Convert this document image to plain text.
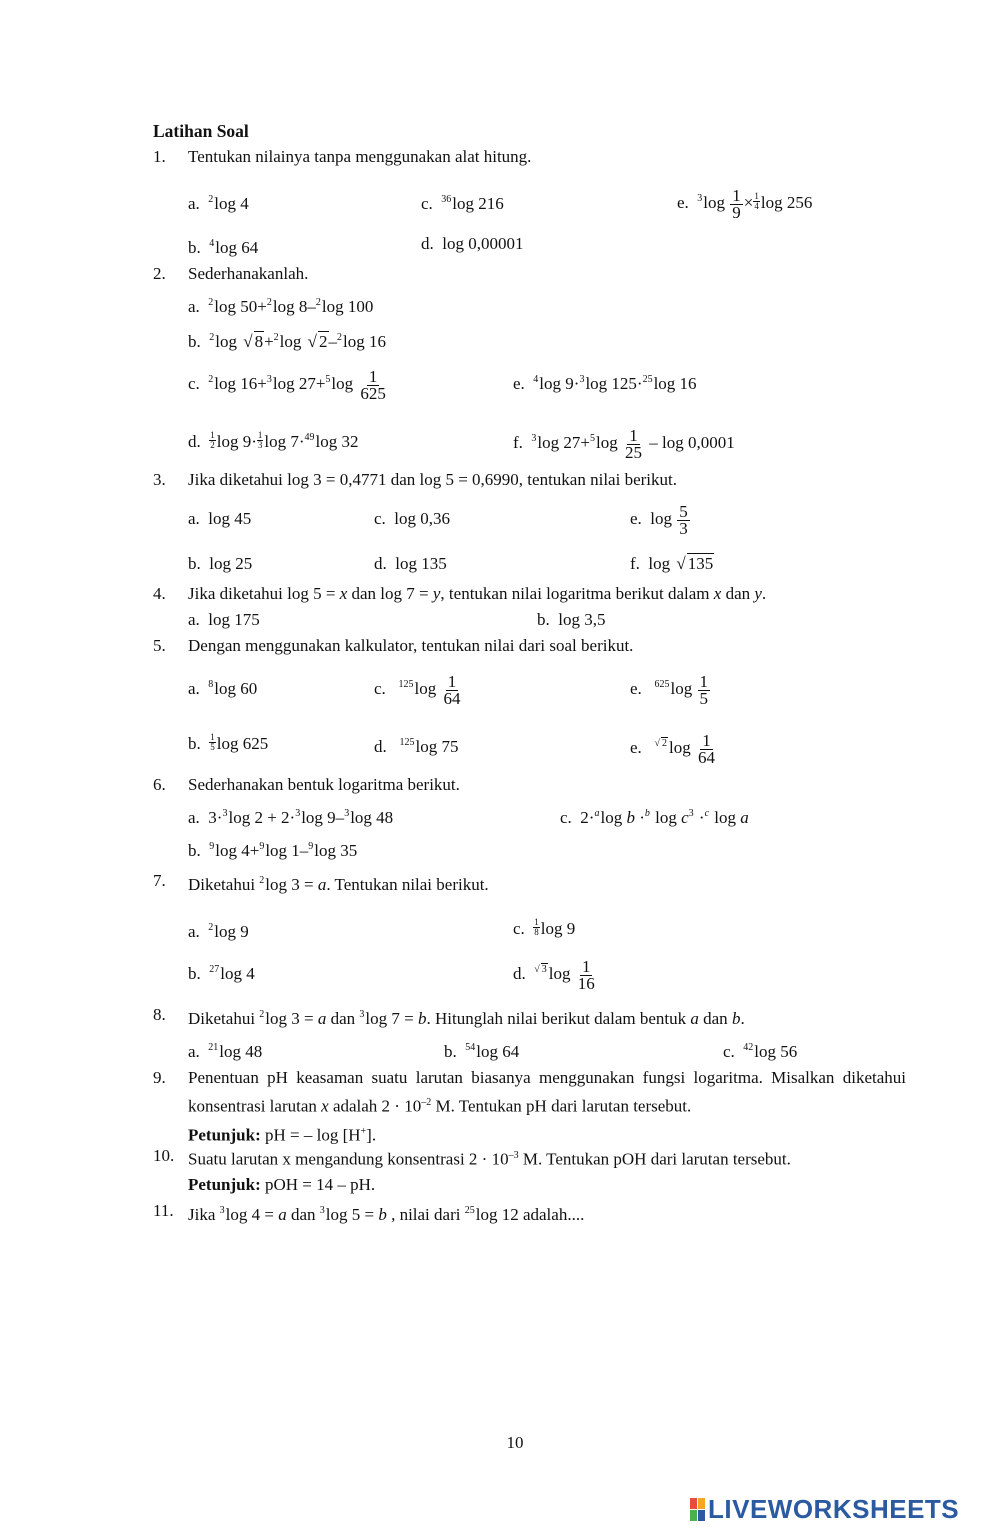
Latihan Soal
1. Tentukan nilainya tanpa menggunakan alat hitung.
a. $^2$log 4	c. $^{36}$log 216	e. $^3\log \frac{1}{9} \times \frac{1}{4}$ log 256
b. $^4$log 64	d. log 0,00001
2. Sederhanakanlah.
a. $^2$log 50+$^2$log 8–$^2$log 100
b. $^2$log √ 8+$^2$log √ 2–$^2$log 16
c. $^2$log 16+$^3$log $27+^5\log \frac{1}{625}$	e. $^4$log 9·$^3$log 125·$^{25}$log 16
d. $\frac{1}{2}$ $\log 9\cdot \frac{1}{3}$ log 7·$^{49}$log 32	f. $^3$log $27+^5\log \frac{1}{25} - \log 0,0001$
3. Jika diketahui log 3 = 0,4771 dan log 5 = 0,6990, tentukan nilai berikut.
a. log 45	c. log 0,36	e. $\log \frac{5}{3}$
b. log 25	d. log 135	f. log √ 135
4. Jika diketahui log 5 = x dan log 7 = y, tentukan nilai logaritma berikut dalam x dan y.
a. log 175	b. log 3,5
5. Dengan menggunakan kalkulator, tentukan nilai dari soal berikut.
a. $^8$log 60	c. $^{125}\log \frac{1}{64}$	e. $^{625}\log \frac{1}{5}$
b. $\frac{1}{5}$ log 625	d. $^{125}$log 75	e. $^{√ 2}$ $\log \frac{1}{64}$
6. Sederhanakan bentuk logaritma berikut.
a. 3·$^3$log 2 + 2·$^3$log 9–$^3$log 48	c. 2·$^a$log b ·$^b$ $\log c^3 \cdot^c$ log a
b. $^9$log 4+$^9$log 1–$^9$log 35
7. Diketahui $^2$log 3 = a. Tentukan nilai berikut.
a. $^2$log 9	c. $\frac{1}{8}$ log 9
b. $^{27}$log 4	d. $^{√ 3}$ $\log \frac{1}{16}$
8. Diketahui $^2$log 3 = a dan $^3$log 7 = b. Hitunglah nilai berikut dalam bentuk a dan b.
a. $^{21}$log 48	b. $^{54}$log 64	c. $^{42}$log 56
9. Penentuan pH keasaman suatu larutan biasanya menggunakan fungsi logaritma. Misalkan diketahui konsentrasi larutan x adalah $2 \cdot 10^{-2}$ M. Tentukan pH dari larutan tersebut.
Petunjuk: pH = – log [H+].
10. Suatu larutan x mengandung konsentrasi $2 \cdot 10^{-3}$ M. Tentukan pOH dari larutan tersebut.
Petunjuk: pOH = 14 – pH.
11. Jika $^3$log 4 = a dan $^3$log 5 = b , nilai dari $^{25}$log 12 adalah....
10
LIVEWORKSHEETS
